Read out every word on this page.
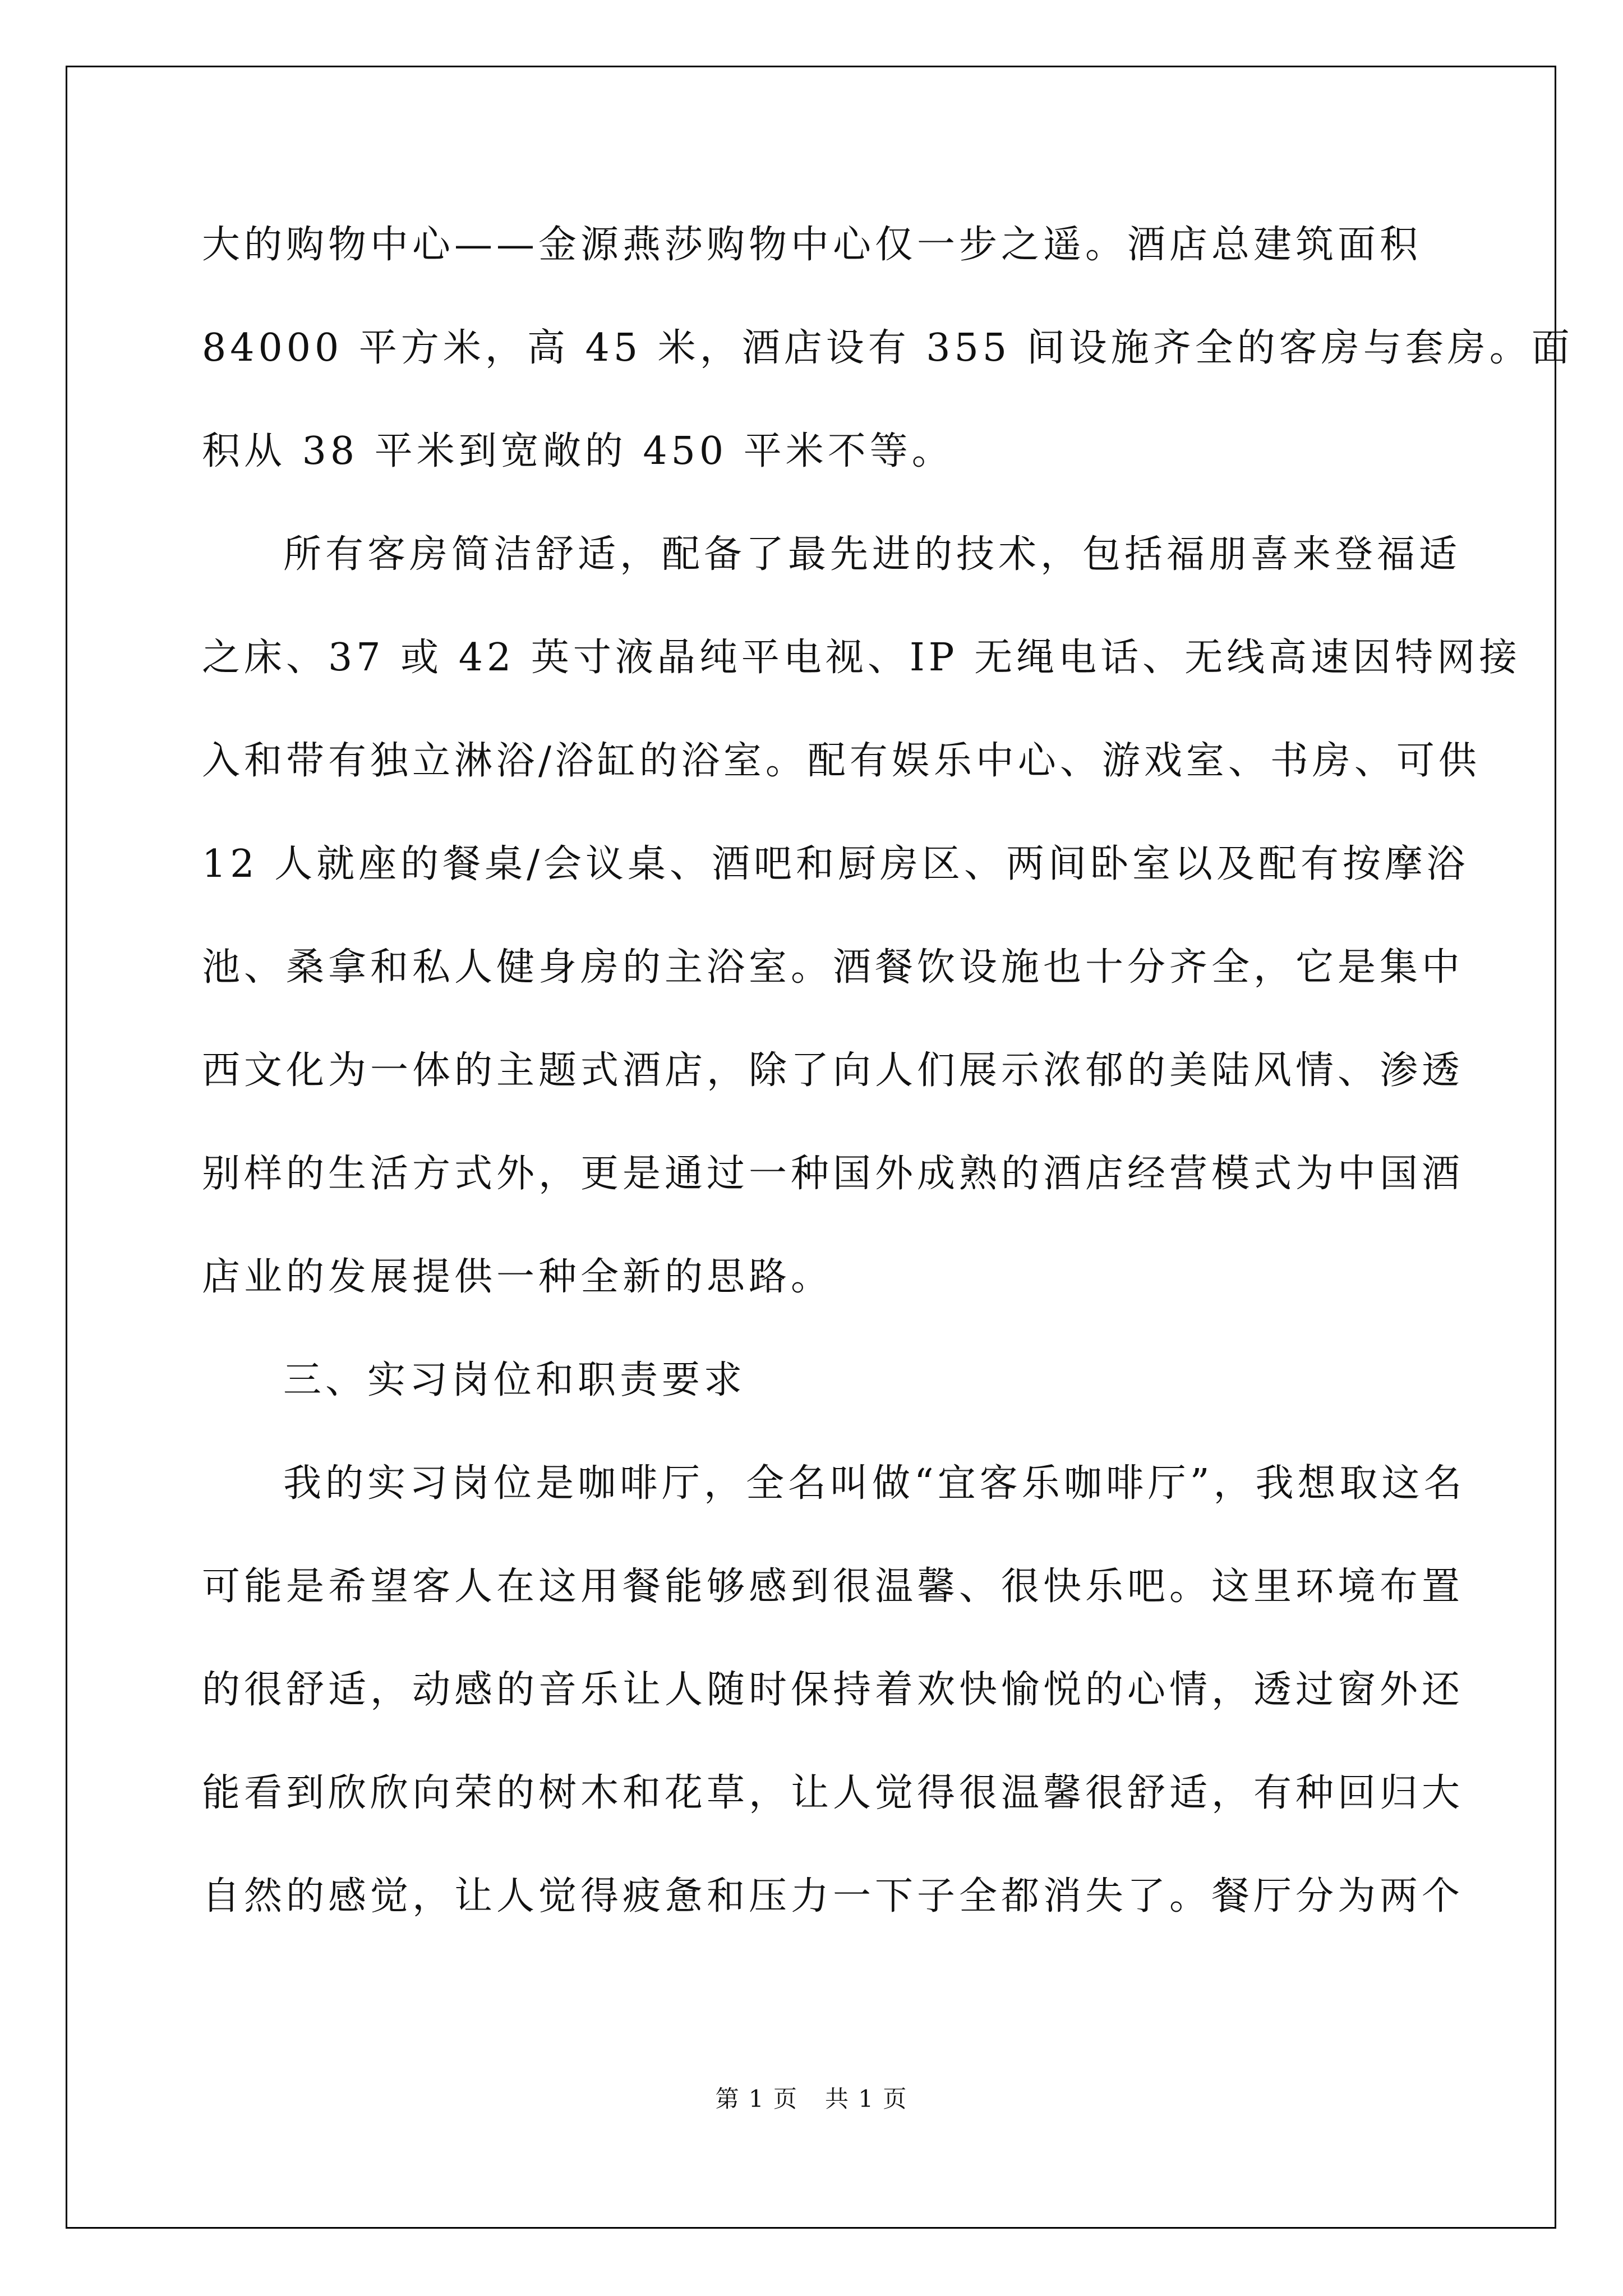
大的购物中心——金源燕莎购物中心仅一步之遥。酒店总建筑面积
84000 平方米，高 45 米，酒店设有 355 间设施齐全的客房与套房。面
积从 38 平米到宽敞的 450 平米不等。
所有客房简洁舒适，配备了最先进的技术，包括福朋喜来登福适
之床、37 或 42 英寸液晶纯平电视、IP 无绳电话、无线高速因特网接
入和带有独立淋浴/浴缸的浴室。配有娱乐中心、游戏室、书房、可供
12 人就座的餐桌/会议桌、酒吧和厨房区、两间卧室以及配有按摩浴
池、桑拿和私人健身房的主浴室。酒餐饮设施也十分齐全，它是集中
西文化为一体的主题式酒店，除了向人们展示浓郁的美陆风情、渗透
别样的生活方式外，更是通过一种国外成熟的酒店经营模式为中国酒
店业的发展提供一种全新的思路。
三、实习岗位和职责要求
我的实习岗位是咖啡厅，全名叫做“宜客乐咖啡厅”，我想取这名
可能是希望客人在这用餐能够感到很温馨、很快乐吧。这里环境布置
的很舒适，动感的音乐让人随时保持着欢快愉悦的心情，透过窗外还
能看到欣欣向荣的树木和花草，让人觉得很温馨很舒适，有种回归大
自然的感觉，让人觉得疲惫和压力一下子全都消失了。餐厅分为两个
第 1 页 共 1 页
